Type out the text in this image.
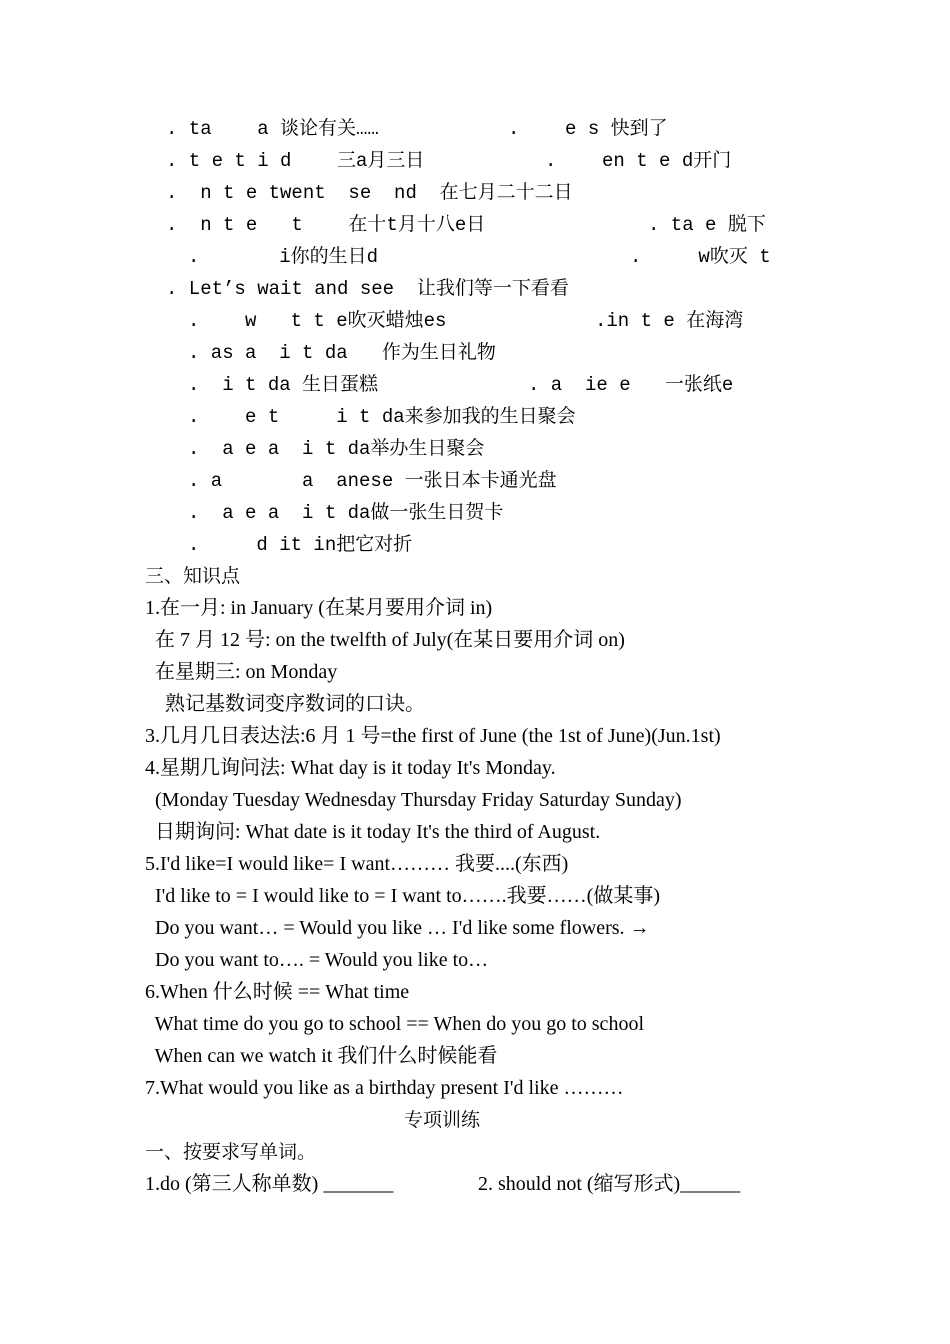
. ta    a 谈论有关……	.    e s 快到了
. t e t i d    三a月三日	.    en t e d开门
.  n t e twent  se  nd  在七月二十二日
.  n t e   t    在十t月十八e日	. ta e 脱下
.       i你的生日d	.     w吹灭 t
. Let’s wait and see  让我们等一下看看
.    w   t t e吹灭蜡烛es	.in t e 在海湾
. as a  i t da   作为生日礼物
.  i t da 生日蛋糕	. a  ie e   一张纸e
.    e t     i t da来参加我的生日聚会
.  a e a  i t da举办生日聚会
. a       a  anese 一张日本卡通光盘
.  a e a  i t da做一张生日贺卡
.     d it in把它对折
三、知识点
1.在一月: in January (在某月要用介词 in)
在 7 月 12 号: on the twelfth of July(在某日要用介词 on)
在星期三: on Monday
熟记基数词变序数词的口诀。
3.几月几日表达法:6 月 1 号=the first of June (the 1st of June)(Jun.1st)
4.星期几询问法: What day is it today It's Monday.
(Monday Tuesday Wednesday Thursday Friday Saturday Sunday)
日期询问: What date is it today It's the third of August.
5.I'd like=I would like= I want……… 我要....(东西)
I'd like to = I would like to = I want to…….我要……(做某事)
Do you want… = Would you like … I'd like some flowers. →
Do you want to…. = Would you like to…
6.When 什么时候 == What time
What time do you go to school == When do you go to school
When can we watch it 我们什么时候能看
7.What would you like as a birthday present I'd like ………
专项训练
一、按要求写单词。
1.do (第三人称单数) _______	2. should not (缩写形式)______
